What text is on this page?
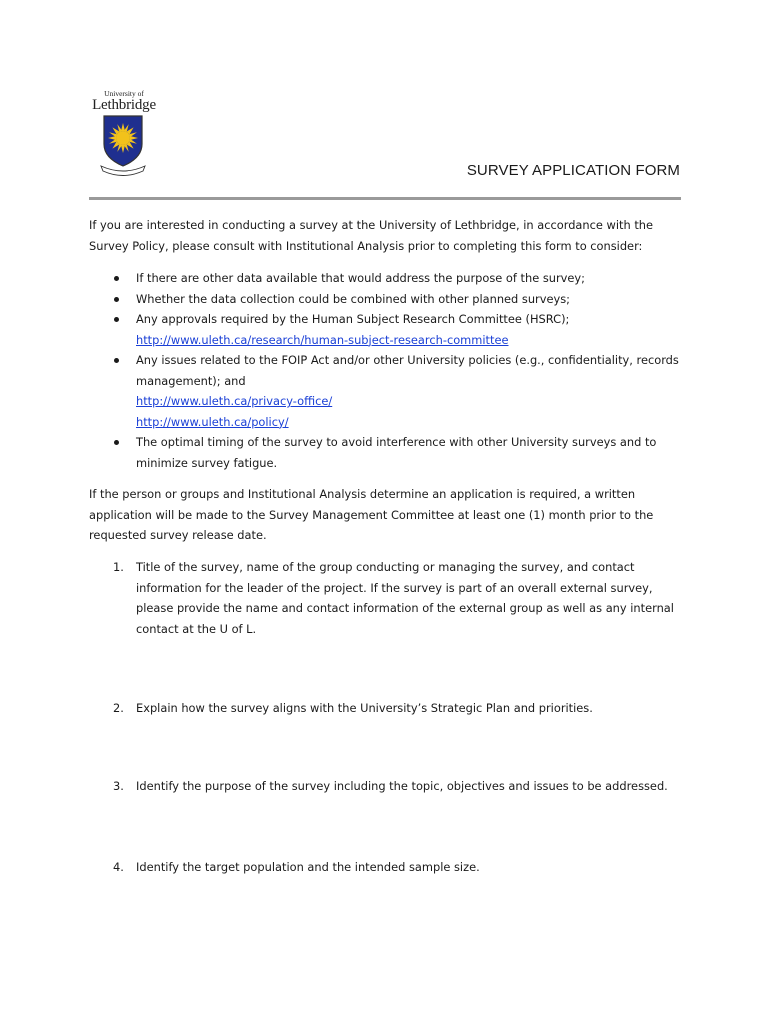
University of
Lethbridge
SURVEY APPLICATION FORM
If you are interested in conducting a survey at the University of Lethbridge, in accordance with the Survey Policy, please consult with Institutional Analysis prior to completing this form to consider:
If there are other data available that would address the purpose of the survey;
Whether the data collection could be combined with other planned surveys;
Any approvals required by the Human Subject Research Committee (HSRC);
http://www.uleth.ca/research/human-subject-research-committee
Any issues related to the FOIP Act and/or other University policies (e.g., confidentiality, records management); and
http://www.uleth.ca/privacy-office/
http://www.uleth.ca/policy/
The optimal timing of the survey to avoid interference with other University surveys and to minimize survey fatigue.
If the person or groups and Institutional Analysis determine an application is required, a written application will be made to the Survey Management Committee at least one (1) month prior to the requested survey release date.
1.	Title of the survey, name of the group conducting or managing the survey, and contact information for the leader of the project. If the survey is part of an overall external survey, please provide the name and contact information of the external group as well as any internal contact at the U of L.
2.	Explain how the survey aligns with the University’s Strategic Plan and priorities.
3.	Identify the purpose of the survey including the topic, objectives and issues to be addressed.
4.	Identify the target population and the intended sample size.
